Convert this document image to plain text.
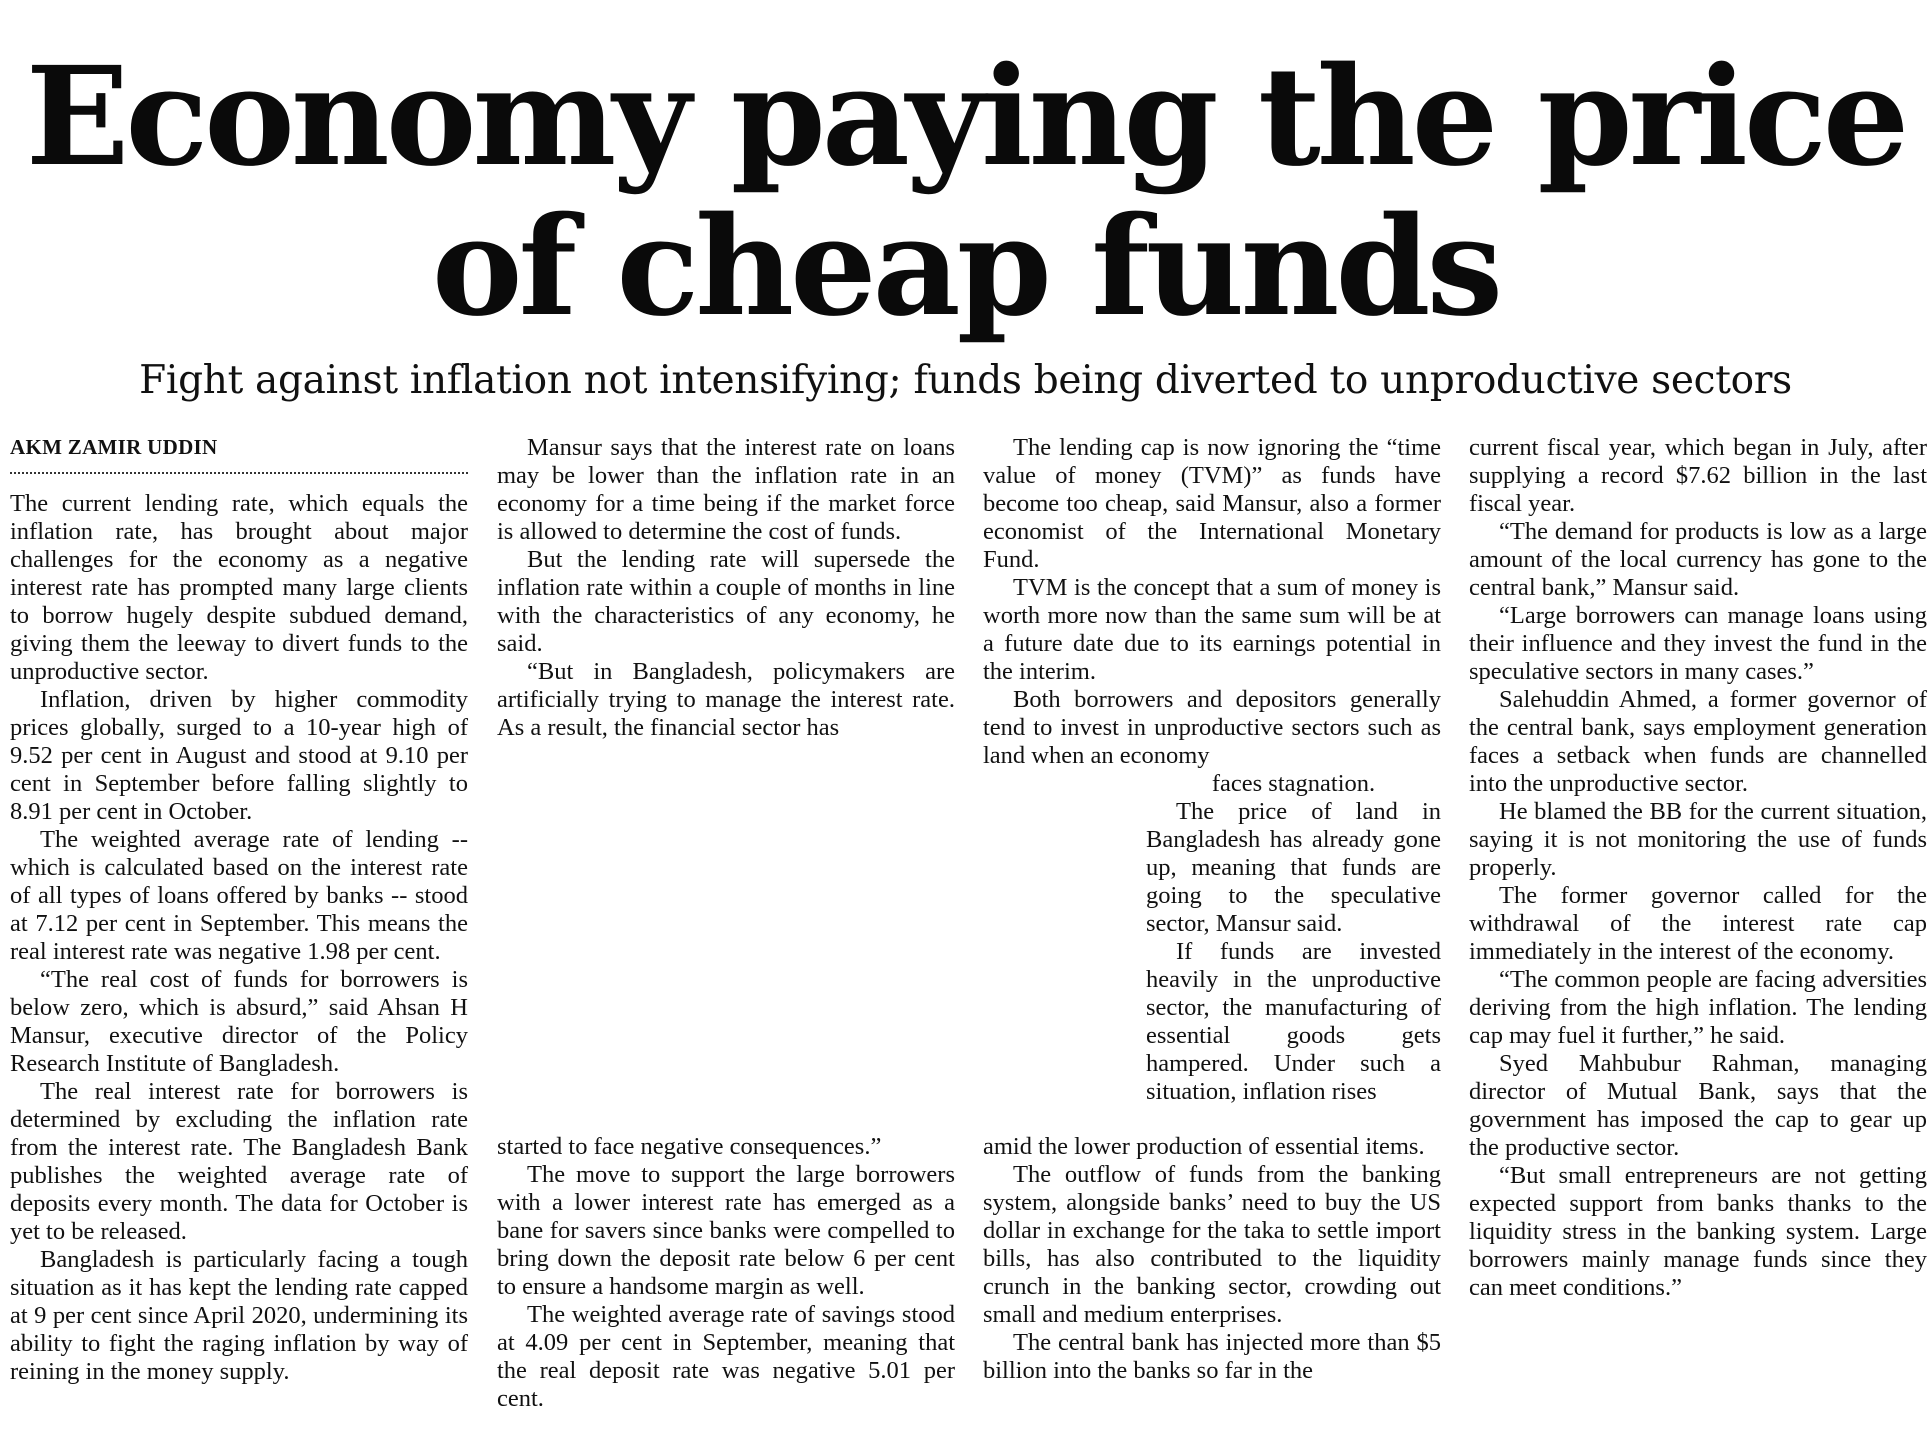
Economy paying the price
of cheap funds
Fight against inflation not intensifying; funds being diverted to unproductive sectors
AKM ZAMIR UDDIN

The current lending rate, which equals the inflation rate, has brought about major challenges for the economy as a negative interest rate has prompted many large clients to borrow hugely despite subdued demand, giving them the leeway to divert funds to the unproductive sector.

Inflation, driven by higher commodity prices globally, surged to a 10-year high of 9.52 per cent in August and stood at 9.10 per cent in September before falling slightly to 8.91 per cent in October.

The weighted average rate of lending -- which is calculated based on the interest rate of all types of loans offered by banks -- stood at 7.12 per cent in September. This means the real interest rate was negative 1.98 per cent.

“The real cost of funds for borrowers is below zero, which is absurd,” said Ahsan H Mansur, executive director of the Policy Research Institute of Bangladesh.

The real interest rate for borrowers is determined by excluding the inflation rate from the interest rate. The Bangladesh Bank publishes the weighted average rate of deposits every month. The data for October is yet to be released.

Bangladesh is particularly facing a tough situation as it has kept the lending rate capped at 9 per cent since April 2020, undermining its ability to fight the raging inflation by way of reining in the money supply.

Mansur says that the interest rate on loans may be lower than the inflation rate in an economy for a time being if the market force is allowed to determine the cost of funds.

But the lending rate will supersede the inflation rate within a couple of months in line with the characteristics of any economy, he said.

“But in Bangladesh, policymakers are artificially trying to manage the interest rate. As a result, the financial sector has

started to face negative consequences.”

The move to support the large borrowers with a lower interest rate has emerged as a bane for savers since banks were compelled to bring down the deposit rate below 6 per cent to ensure a handsome margin as well.

The weighted average rate of savings stood at 4.09 per cent in September, meaning that the real deposit rate was negative 5.01 per cent.

The lending cap is now ignoring the “time value of money (TVM)” as funds have become too cheap, said Mansur, also a former economist of the International Monetary Fund.

TVM is the concept that a sum of money is worth more now than the same sum will be at a future date due to its earnings potential in the interim.

Both borrowers and depositors generally tend to invest in unproductive sectors such as land when an economy

faces stagnation.

The price of land in Bangladesh has already gone up, meaning that funds are going to the speculative sector, Mansur said.

If funds are invested heavily in the unproductive sector, the manufacturing of essential goods gets hampered. Under such a situation, inflation rises

amid the lower production of essential items.

The outflow of funds from the banking system, alongside banks’ need to buy the US dollar in exchange for the taka to settle import bills, has also contributed to the liquidity crunch in the banking sector, crowding out small and medium enterprises.

The central bank has injected more than $5 billion into the banks so far in the

current fiscal year, which began in July, after supplying a record $7.62 billion in the last fiscal year.

“The demand for products is low as a large amount of the local currency has gone to the central bank,” Mansur said.

“Large borrowers can manage loans using their influence and they invest the fund in the speculative sectors in many cases.”

Salehuddin Ahmed, a former governor of the central bank, says employment generation faces a setback when funds are channelled into the unproductive sector.

He blamed the BB for the current situation, saying it is not monitoring the use of funds properly.

The former governor called for the withdrawal of the interest rate cap immediately in the interest of the economy.

“The common people are facing adversities deriving from the high inflation. The lending cap may fuel it further,” he said.

Syed Mahbubur Rahman, managing director of Mutual Bank, says that the government has imposed the cap to gear up the productive sector.

“But small entrepreneurs are not getting expected support from banks thanks to the liquidity stress in the banking system. Large borrowers mainly manage funds since they can meet conditions.”
